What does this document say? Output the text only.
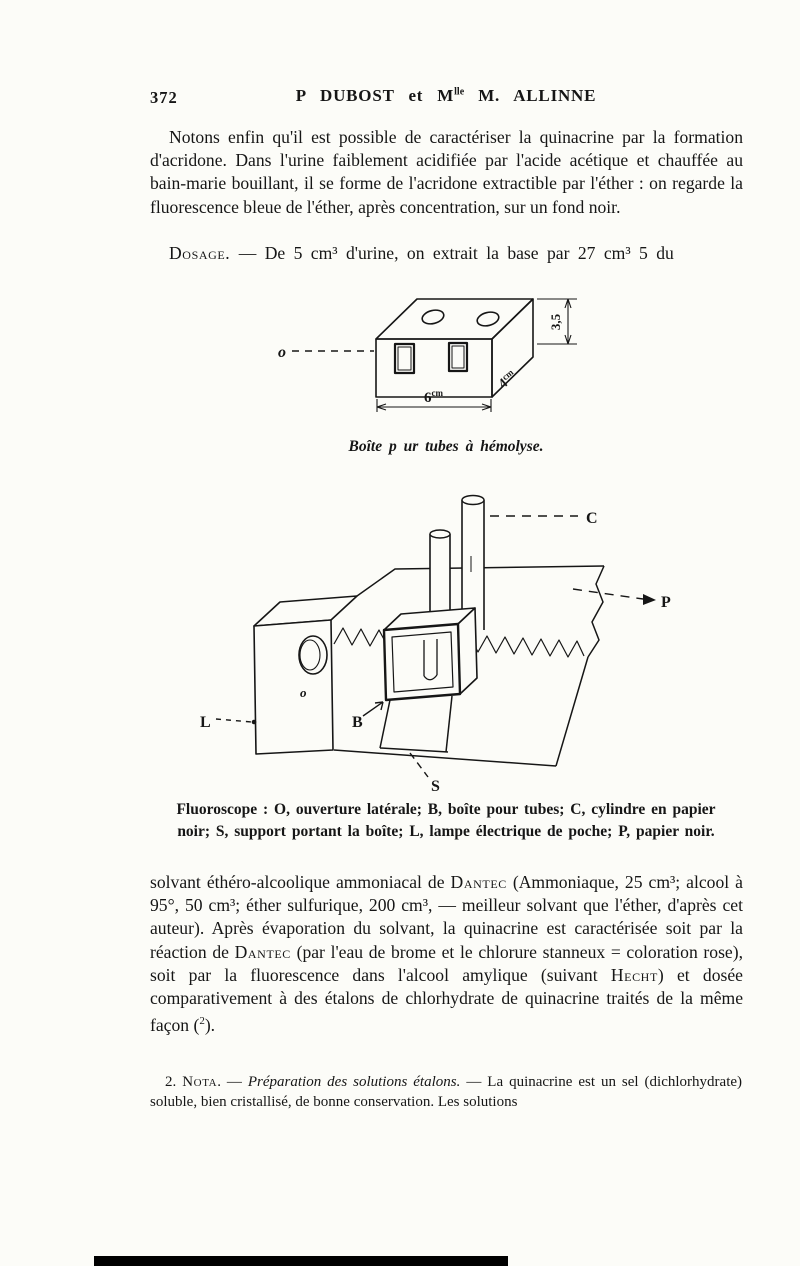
372	P DUBOST et $M^{lle}$ M. ALLINNE

Notons enfin qu'il est possible de caractériser la quinacrine par la formation d'acridone. Dans l'urine faiblement acidifiée par l'acide acétique et chauffée au bain-marie bouillant, il se forme de l'acridone extractible par l'éther : on regarde la fluorescence bleue de l'éther, après concentration, sur un fond noir.

Dosage. — De 5 cm³ d'urine, on extrait la base par 27 cm³ 5 du

o
$6^{cm}$
$4^{cm}$
3,5
Boîte p ur tubes à hémolyse.
C
P
L	B
S
o
Fluoroscope : O, ouverture latérale; B, boîte pour tubes; C, cylindre en papier
noir; S, support portant la boîte; L, lampe électrique de poche; P, papier noir.

solvant éthéro-alcoolique ammoniacal de Dantec (Ammoniaque, 25 cm³; alcool à 95°, 50 cm³; éther sulfurique, 200 cm³, — meilleur solvant que l'éther, d'après cet auteur). Après évaporation du solvant, la quinacrine est caractérisée soit par la réaction de Dantec (par l'eau de brome et le chlorure stanneux = coloration rose), soit par la fluorescence dans l'alcool amylique (suivant Hecht) et dosée comparativement à des étalons de chlorhydrate de quinacrine traités de la même façon ($^2$).

2. Nota. — Préparation des solutions étalons. — La quinacrine est un sel (dichlorhydrate) soluble, bien cristallisé, de bonne conservation. Les solutions
